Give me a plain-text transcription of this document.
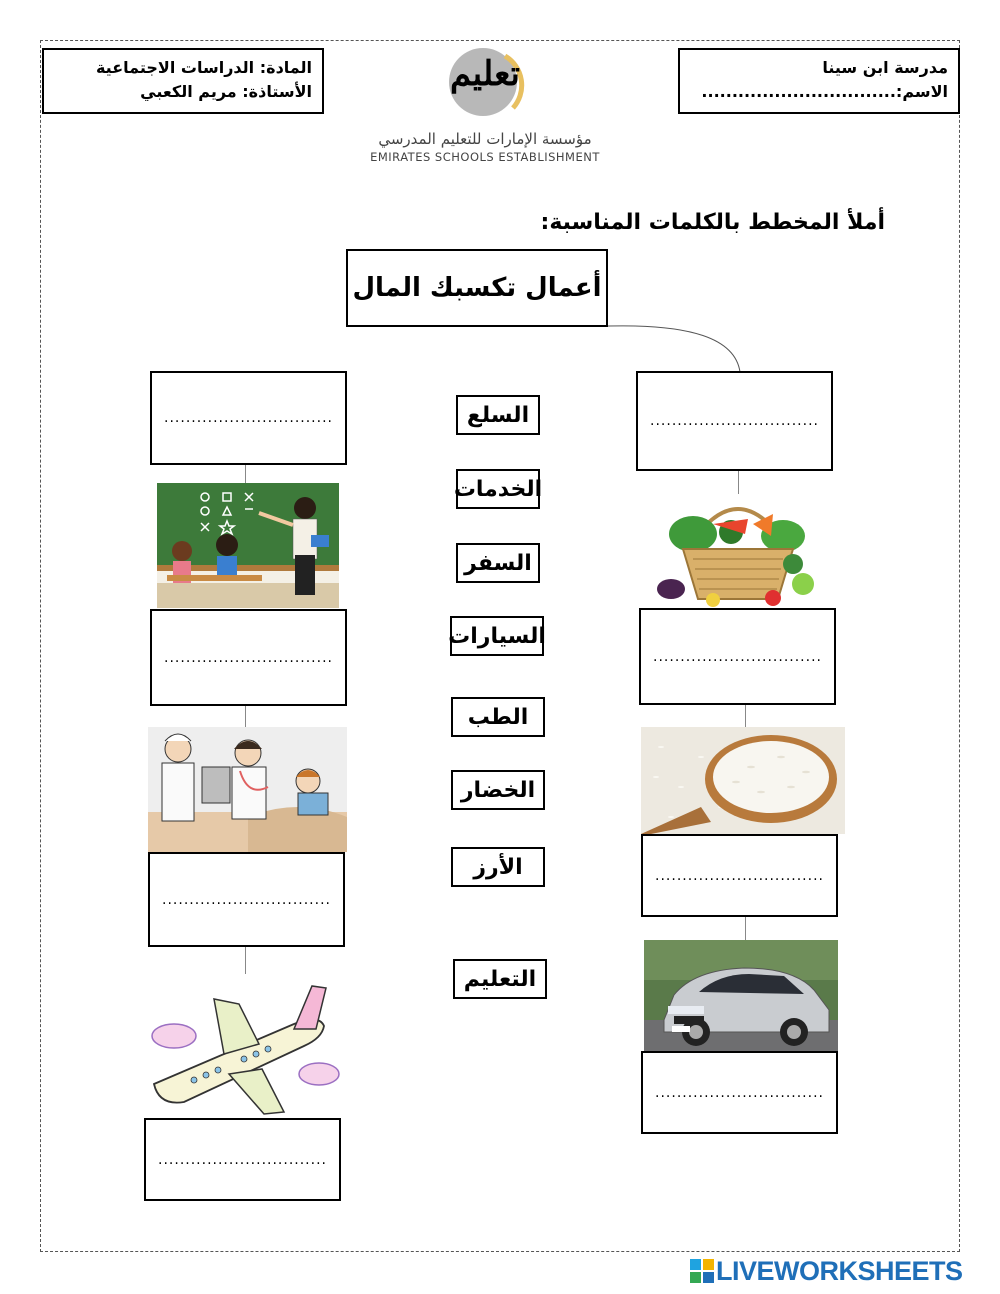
مدرسة ابن سينا
الاسم:................................
المادة: الدراسات الاجتماعية
الأستاذة: مريم الكعبي	تعليم
مؤسسة الإمارات للتعليم المدرسي
EMIRATES SCHOOLS ESTABLISHMENT
أملأ المخطط بالكلمات المناسبة:
أعمال تكسبك المال
...............................
...............................
...............................
...............................
...............................
...............................
...............................
...............................
السلع
الخدمات
السفر
السيارات
الطب
الخضار
الأرز
التعليم
LIVEWORKSHEETS
